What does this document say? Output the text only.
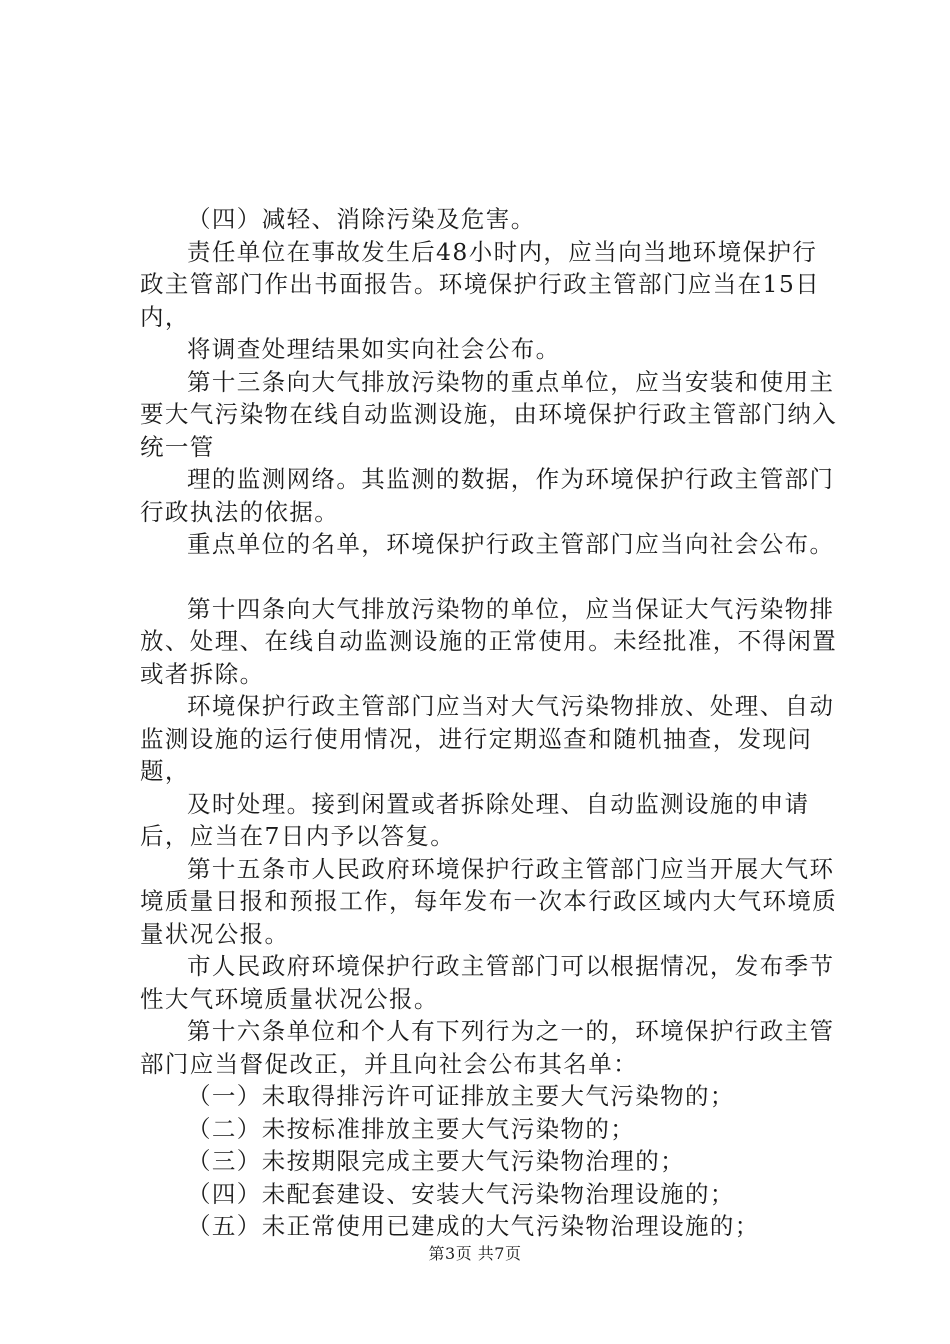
（四）减轻、消除污染及危害。

责任单位在事故发生后48小时内，应当向当地环境保护行政主管部门作出书面报告。环境保护行政主管部门应当在15日内，

将调查处理结果如实向社会公布。

第十三条向大气排放污染物的重点单位，应当安装和使用主要大气污染物在线自动监测设施，由环境保护行政主管部门纳入统一管

理的监测网络。其监测的数据，作为环境保护行政主管部门行政执法的依据。

重点单位的名单，环境保护行政主管部门应当向社会公布。

第十四条向大气排放污染物的单位，应当保证大气污染物排放、处理、在线自动监测设施的正常使用。未经批准，不得闲置或者拆除。

环境保护行政主管部门应当对大气污染物排放、处理、自动监测设施的运行使用情况，进行定期巡查和随机抽查，发现问题，

及时处理。接到闲置或者拆除处理、自动监测设施的申请后，应当在7日内予以答复。

第十五条市人民政府环境保护行政主管部门应当开展大气环境质量日报和预报工作，每年发布一次本行政区域内大气环境质量状况公报。

市人民政府环境保护行政主管部门可以根据情况，发布季节性大气环境质量状况公报。

第十六条单位和个人有下列行为之一的，环境保护行政主管部门应当督促改正，并且向社会公布其名单：

（一）未取得排污许可证排放主要大气污染物的；

（二）未按标准排放主要大气污染物的；

（三）未按期限完成主要大气污染物治理的；

（四）未配套建设、安装大气污染物治理设施的；

（五）未正常使用已建成的大气污染物治理设施的；

第3页 共7页
